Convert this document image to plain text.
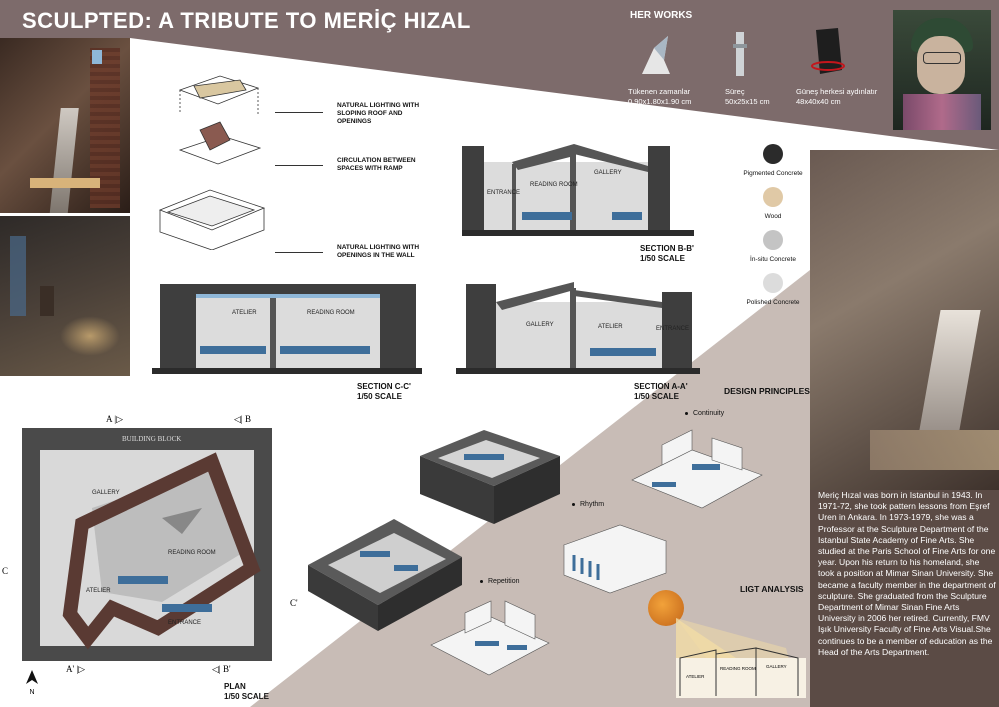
SCULPTED: A TRIBUTE TO MERİÇ HIZAL	HER WORKS
Tükenen zamanlar
0.90x1.80x1.90 cm
Süreç
50x25x15 cm
Güneş herkesi aydınlatır
48x40x40 cm
NATURAL LIGHTING WITH SLOPING ROOF AND OPENINGS
CIRCULATION BETWEEN SPACES WITH RAMP
NATURAL LIGHTING WITH OPENINGS IN THE WALL
ENTRANCE
READING ROOM
GALLERY
SECTION B-B'
1/50 SCALE
Pigmented Concrete
Wood
İn-situ Concrete
Polished Concrete
ATELIER	READING ROOM
SECTION C-C'
1/50 SCALE
GALLERY	ATELIER	ENTRANCE
SECTION A-A'
1/50 SCALE
DESIGN PRINCIPLES
Continuity
Rhythm
Repetition
BUILDING BLOCK
GALLERY
READING ROOM
ATELIER
ENTRANCE
A |▷	◁| B
A' |▷	◁| B'
C
C'
N
PLAN
1/50 SCALE
LIGT ANALYSIS
ATELIER
READING ROOM GALLERY
Meriç Hızal was born in Istanbul in 1943. In 1971-72, she took pattern lessons from Eşref Uren in Ankara. In 1973-1979, she was a Professor at the Sculpture Department of the Istanbul State Academy of Fine Arts. She studied at the Paris School of Fine Arts for one year. Upon his return to his homeland, she took a position at Mimar Sinan University. She became a faculty member in the department of sculpture. She graduated from the Sculpture Department of Mimar Sinan Fine Arts University in 2006 her retired. Currently, FMV Işık University Faculty of Fine Arts Visual.She continues to be a member of education as the Head of the Arts Department.
